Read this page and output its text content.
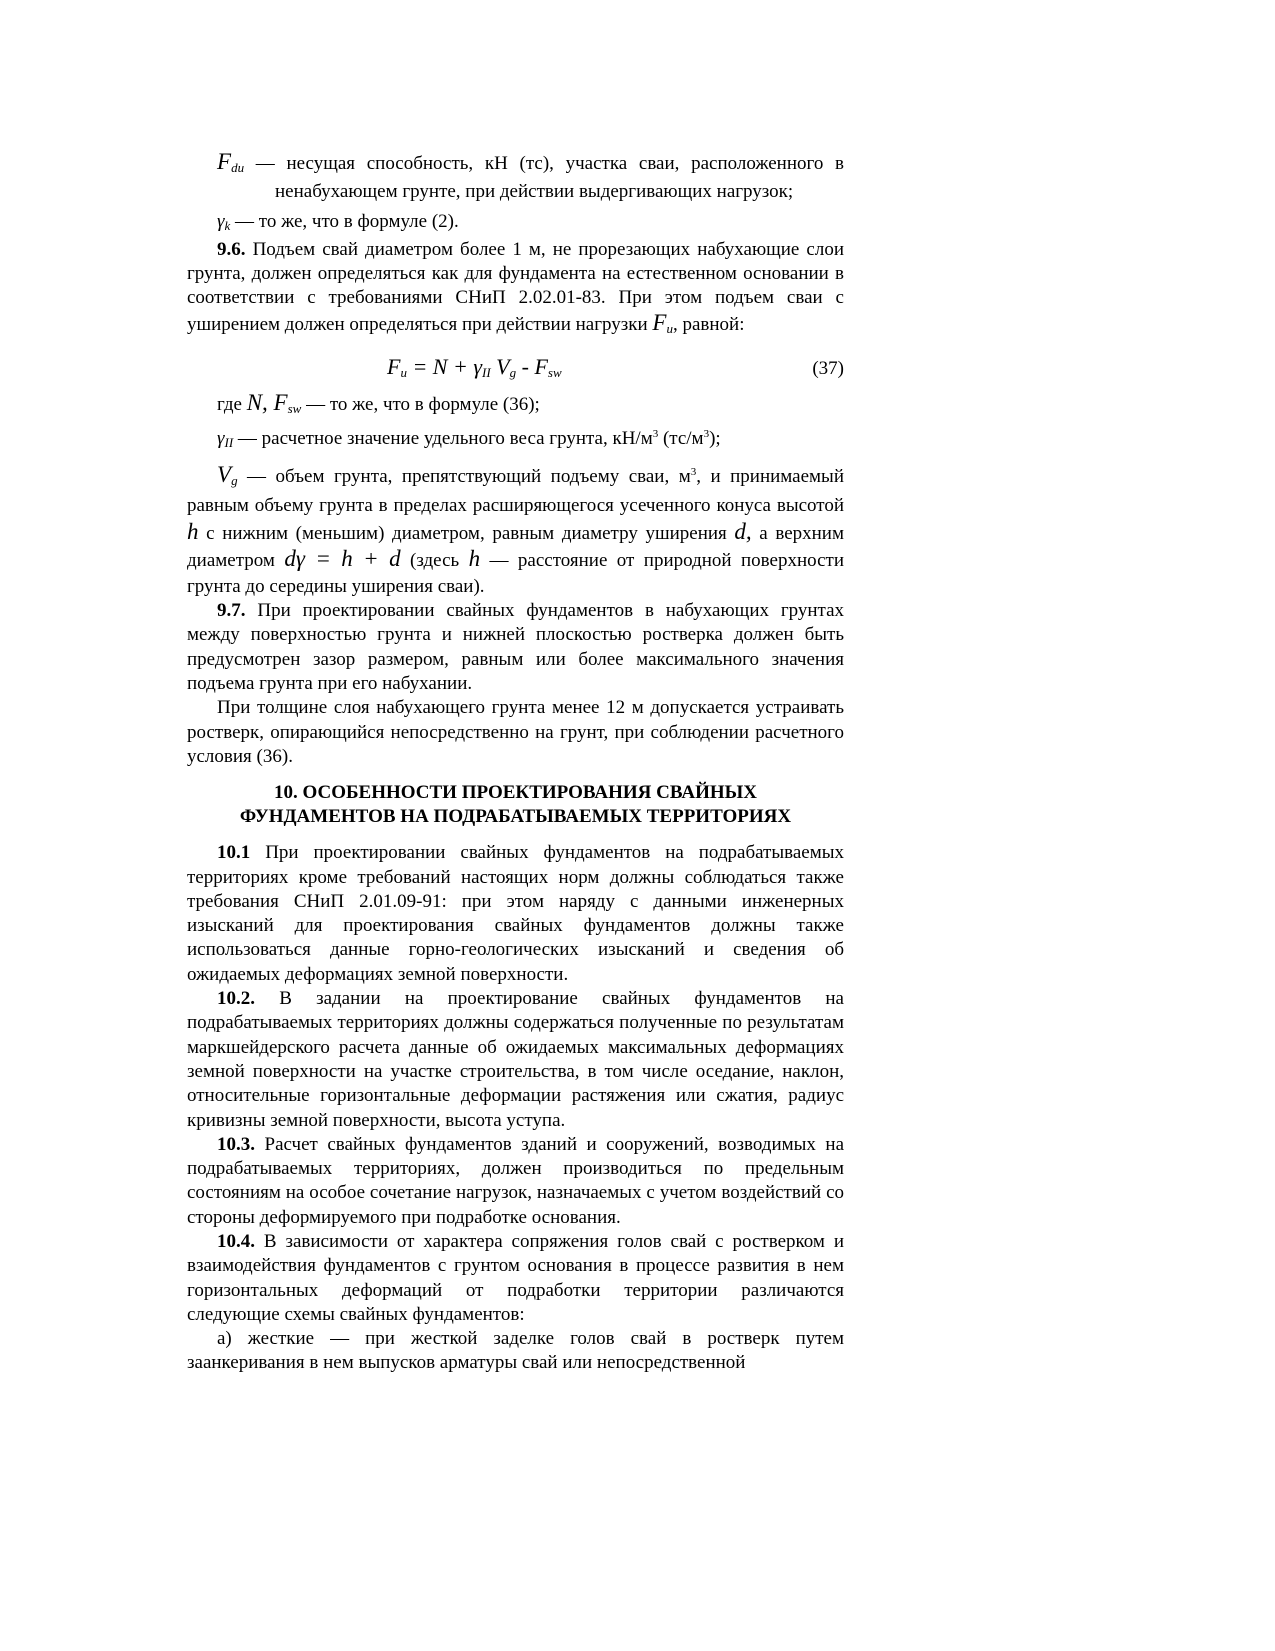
$F_{du}$ — несущая способность, кН (тс), участка сваи, расположенного в ненабухающем грунте, при действии выдергивающих нагрузок;

$\gamma_k$ — то же, что в формуле (2).

9.6. Подъем свай диаметром более 1 м, не прорезающих набухающие слои грунта, должен определяться как для фундамента на естественном основании в соответствии с требованиями СНиП 2.02.01-83. При этом подъем сваи с уширением должен определяться при действии нагрузки $F_u$, равной:

$F_u = N + \gamma_{II}$ $V_g - F_{sw}$	(37)

где N, $F_{sw}$ — то же, что в формуле (36);

$\gamma_{II}$ — расчетное значение удельного веса грунта, $кН/м^3$ $(тс/м^3)$;

$V_g$ — объем грунта, препятствующий подъему сваи, $м^3$, и принимаемый равным объему грунта в пределах расширяющегося усеченного конуса высотой h с нижним (меньшим) диаметром, равным диаметру уширения d, а верхним диаметром dγ = h + d (здесь h — расстояние от природной поверхности грунта до середины уширения сваи).

9.7. При проектировании свайных фундаментов в набухающих грунтах между поверхностью грунта и нижней плоскостью ростверка должен быть предусмотрен зазор размером, равным или более максимального значения подъема грунта при его набухании.

При толщине слоя набухающего грунта менее 12 м допускается устраивать ростверк, опирающийся непосредственно на грунт, при соблюдении расчетного условия (36).

10. ОСОБЕННОСТИ ПРОЕКТИРОВАНИЯ СВАЙНЫХ
ФУНДАМЕНТОВ НА ПОДРАБАТЫВАЕМЫХ ТЕРРИТОРИЯХ

10.1 При проектировании свайных фундаментов на подрабатываемых территориях кроме требований настоящих норм должны соблюдаться также требования СНиП 2.01.09-91: при этом наряду с данными инженерных изысканий для проектирования свайных фундаментов должны также использоваться данные горно-геологических изысканий и сведения об ожидаемых деформациях земной поверхности.

10.2. В задании на проектирование свайных фундаментов на подрабатываемых территориях должны содержаться полученные по результатам маркшейдерского расчета данные об ожидаемых максимальных деформациях земной поверхности на участке строительства, в том числе оседание, наклон, относительные горизонтальные деформации растяжения или сжатия, радиус кривизны земной поверхности, высота уступа.

10.3. Расчет свайных фундаментов зданий и сооружений, возводимых на подрабатываемых территориях, должен производиться по предельным состояниям на особое сочетание нагрузок, назначаемых с учетом воздействий со стороны деформируемого при подработке основания.

10.4. В зависимости от характера сопряжения голов свай с ростверком и взаимодействия фундаментов с грунтом основания в процессе развития в нем горизонтальных деформаций от подработки территории различаются следующие схемы свайных фундаментов:

а) жесткие — при жесткой заделке голов свай в ростверк путем заанкеривания в нем выпусков арматуры свай или непосредственной
